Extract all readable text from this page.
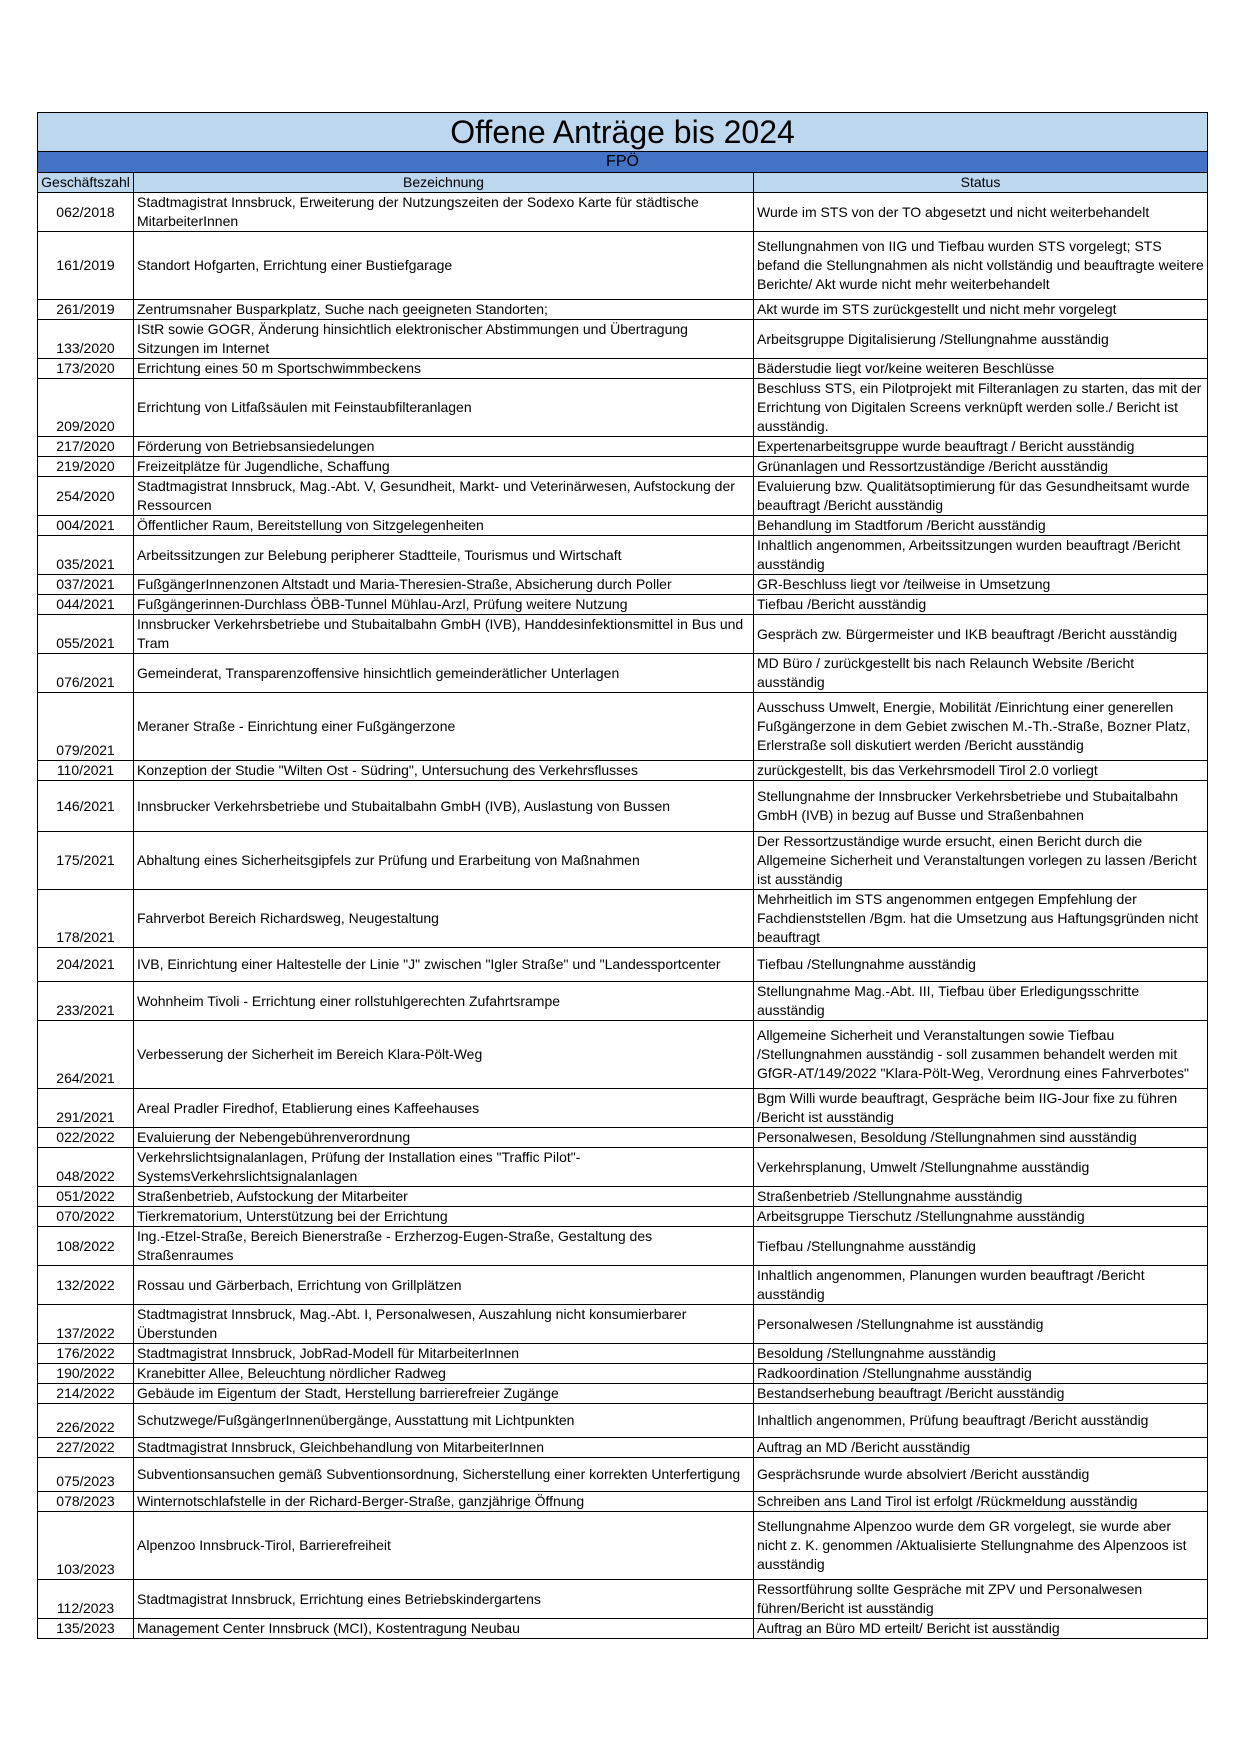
Offene Anträge bis 2024		
FPÖ		
Geschäftszahl	Bezeichnung	Status
062/2018	Stadtmagistrat Innsbruck, Erweiterung der Nutzungszeiten der Sodexo Karte für städtische MitarbeiterInnen	Wurde im STS von der TO abgesetzt und nicht weiterbehandelt
161/2019	Standort Hofgarten, Errichtung einer Bustiefgarage	Stellungnahmen von IIG und Tiefbau wurden STS vorgelegt; STS befand die Stellungnahmen als nicht vollständig und beauftragte weitere Berichte/ Akt wurde nicht mehr weiterbehandelt
261/2019	Zentrumsnaher Busparkplatz, Suche nach geeigneten Standorten;	Akt wurde im STS zurückgestellt und nicht mehr vorgelegt
133/2020	IStR sowie GOGR, Änderung hinsichtlich elektronischer Abstimmungen und Übertragung Sitzungen im Internet	Arbeitsgruppe Digitalisierung /Stellungnahme ausständig
173/2020	Errichtung eines 50 m Sportschwimmbeckens	Bäderstudie liegt vor/keine weiteren Beschlüsse
209/2020	Errichtung von Litfaßsäulen mit Feinstaubfilteranlagen	Beschluss STS, ein Pilotprojekt mit Filteranlagen zu starten, das mit der Errichtung von Digitalen Screens verknüpft werden solle./ Bericht ist ausständig.
217/2020	Förderung von Betriebsansiedelungen	Expertenarbeitsgruppe wurde beauftragt / Bericht ausständig
219/2020	Freizeitplätze für Jugendliche, Schaffung	Grünanlagen und Ressortzuständige /Bericht ausständig
254/2020	Stadtmagistrat Innsbruck, Mag.-Abt. V, Gesundheit, Markt- und Veterinärwesen, Aufstockung der Ressourcen	Evaluierung bzw. Qualitätsoptimierung für das Gesundheitsamt wurde beauftragt /Bericht ausständig
004/2021	Öffentlicher Raum, Bereitstellung von Sitzgelegenheiten	Behandlung im Stadtforum /Bericht ausständig
035/2021	Arbeitssitzungen zur Belebung peripherer Stadtteile, Tourismus und Wirtschaft	Inhaltlich angenommen, Arbeitssitzungen wurden beauftragt /Bericht ausständig
037/2021	FußgängerInnenzonen Altstadt und Maria-Theresien-Straße, Absicherung durch Poller	GR-Beschluss liegt vor /teilweise in Umsetzung
044/2021	Fußgängerinnen-Durchlass ÖBB-Tunnel Mühlau-Arzl, Prüfung weitere Nutzung	Tiefbau /Bericht ausständig
055/2021	Innsbrucker Verkehrsbetriebe und Stubaitalbahn GmbH (IVB), Handdesinfektionsmittel in Bus und Tram	Gespräch zw. Bürgermeister und IKB beauftragt /Bericht ausständig
076/2021	Gemeinderat, Transparenzoffensive hinsichtlich gemeinderätlicher Unterlagen	MD Büro / zurückgestellt bis nach Relaunch Website /Bericht ausständig
079/2021	Meraner Straße - Einrichtung einer Fußgängerzone	Ausschuss Umwelt, Energie, Mobilität /Einrichtung einer generellen Fußgängerzone in dem Gebiet zwischen M.-Th.-Straße, Bozner Platz, Erlerstraße soll diskutiert werden /Bericht ausständig
110/2021	Konzeption der Studie "Wilten Ost - Südring", Untersuchung des Verkehrsflusses	zurückgestellt, bis das Verkehrsmodell Tirol 2.0 vorliegt
146/2021	Innsbrucker Verkehrsbetriebe und Stubaitalbahn GmbH (IVB), Auslastung von Bussen	Stellungnahme der Innsbrucker Verkehrsbetriebe und Stubaitalbahn GmbH (IVB) in bezug auf Busse und Straßenbahnen
175/2021	Abhaltung eines Sicherheitsgipfels zur Prüfung und Erarbeitung von Maßnahmen	Der Ressortzuständige wurde ersucht, einen Bericht durch die Allgemeine Sicherheit und Veranstaltungen vorlegen zu lassen /Bericht ist ausständig
178/2021	Fahrverbot Bereich Richardsweg, Neugestaltung	Mehrheitlich im STS angenommen entgegen Empfehlung der Fachdienststellen /Bgm. hat die Umsetzung aus Haftungsgründen nicht beauftragt
204/2021	IVB, Einrichtung einer Haltestelle der Linie "J" zwischen "Igler Straße" und "Landessportcenter	Tiefbau /Stellungnahme ausständig
233/2021	Wohnheim Tivoli - Errichtung einer rollstuhlgerechten Zufahrtsrampe	Stellungnahme Mag.-Abt. III, Tiefbau über Erledigungsschritte ausständig
264/2021	Verbesserung der Sicherheit im Bereich Klara-Pölt-Weg	Allgemeine Sicherheit und Veranstaltungen sowie Tiefbau /Stellungnahmen ausständig - soll zusammen behandelt werden mit GfGR-AT/149/2022 "Klara-Pölt-Weg, Verordnung eines Fahrverbotes"
291/2021	Areal Pradler Firedhof, Etablierung eines Kaffeehauses	Bgm Willi wurde beauftragt, Gespräche beim IIG-Jour fixe zu führen /Bericht ist ausständig
022/2022	Evaluierung der Nebengebührenverordnung	Personalwesen, Besoldung /Stellungnahmen sind ausständig
048/2022	Verkehrslichtsignalanlagen, Prüfung der Installation eines "Traffic Pilot"-SystemsVerkehrslichtsignalanlagen	Verkehrsplanung, Umwelt /Stellungnahme ausständig
051/2022	Straßenbetrieb, Aufstockung der Mitarbeiter	Straßenbetrieb /Stellungnahme ausständig
070/2022	Tierkrematorium, Unterstützung bei der Errichtung	Arbeitsgruppe Tierschutz /Stellungnahme ausständig
108/2022	Ing.-Etzel-Straße, Bereich Bienerstraße - Erzherzog-Eugen-Straße, Gestaltung des Straßenraumes	Tiefbau /Stellungnahme ausständig
132/2022	Rossau und Gärberbach, Errichtung von Grillplätzen	Inhaltlich angenommen, Planungen wurden beauftragt /Bericht ausständig
137/2022	Stadtmagistrat Innsbruck, Mag.-Abt. I, Personalwesen, Auszahlung nicht konsumierbarer Überstunden	Personalwesen /Stellungnahme ist ausständig
176/2022	Stadtmagistrat Innsbruck, JobRad-Modell für MitarbeiterInnen	Besoldung /Stellungnahme ausständig
190/2022	Kranebitter Allee, Beleuchtung nördlicher Radweg	Radkoordination /Stellungnahme ausständig
214/2022	Gebäude im Eigentum der Stadt, Herstellung barrierefreier Zugänge	Bestandserhebung beauftragt /Bericht ausständig
226/2022	Schutzwege/FußgängerInnenübergänge, Ausstattung mit Lichtpunkten	Inhaltlich angenommen, Prüfung beauftragt /Bericht ausständig
227/2022	Stadtmagistrat Innsbruck, Gleichbehandlung von MitarbeiterInnen	Auftrag an MD /Bericht ausständig
075/2023	Subventionsansuchen gemäß Subventionsordnung, Sicherstellung einer korrekten Unterfertigung	Gesprächsrunde wurde absolviert /Bericht ausständig
078/2023	Winternotschlafstelle in der Richard-Berger-Straße, ganzjährige Öffnung	Schreiben ans Land Tirol ist erfolgt /Rückmeldung ausständig
103/2023	Alpenzoo Innsbruck-Tirol, Barrierefreiheit	Stellungnahme Alpenzoo wurde dem GR vorgelegt, sie wurde aber nicht z. K. genommen /Aktualisierte Stellungnahme des Alpenzoos ist ausständig
112/2023	Stadtmagistrat Innsbruck, Errichtung eines Betriebskindergartens	Ressortführung sollte Gespräche mit ZPV und Personalwesen führen/Bericht ist ausständig
135/2023	Management Center Innsbruck (MCI), Kostentragung Neubau	Auftrag an Büro MD erteilt/ Bericht ist ausständig
